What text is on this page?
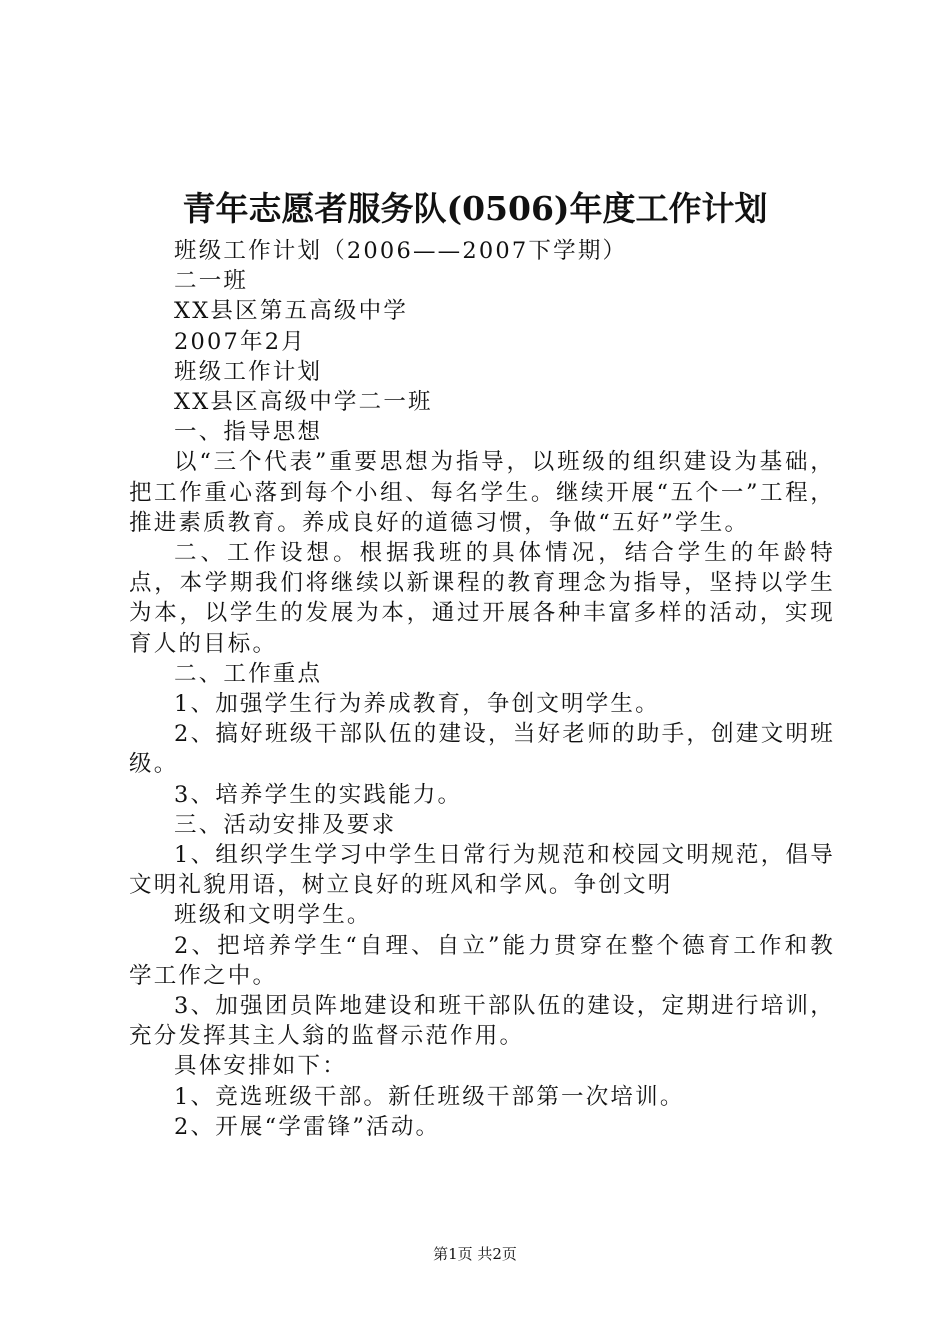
青年志愿者服务队(0506)年度工作计划

班级工作计划（2006——2007下学期）

二一班

XX县区第五高级中学

2007年2月

班级工作计划

XX县区高级中学二一班

一、指导思想

以“三个代表”重要思想为指导，以班级的组织建设为基础，把工作重心落到每个小组、每名学生。继续开展“五个一”工程，推进素质教育。养成良好的道德习惯，争做“五好”学生。

二、工作设想。根据我班的具体情况，结合学生的年龄特点，本学期我们将继续以新课程的教育理念为指导，坚持以学生为本，以学生的发展为本，通过开展各种丰富多样的活动，实现育人的目标。

二、工作重点

1、加强学生行为养成教育，争创文明学生。

2、搞好班级干部队伍的建设，当好老师的助手，创建文明班级。

3、培养学生的实践能力。

三、活动安排及要求

1、组织学生学习中学生日常行为规范和校园文明规范，倡导文明礼貌用语，树立良好的班风和学风。争创文明

班级和文明学生。

2、把培养学生“自理、自立”能力贯穿在整个德育工作和教学工作之中。

3、加强团员阵地建设和班干部队伍的建设，定期进行培训，充分发挥其主人翁的监督示范作用。

具体安排如下：

1、竞选班级干部。新任班级干部第一次培训。

2、开展“学雷锋”活动。

第1页 共2页
